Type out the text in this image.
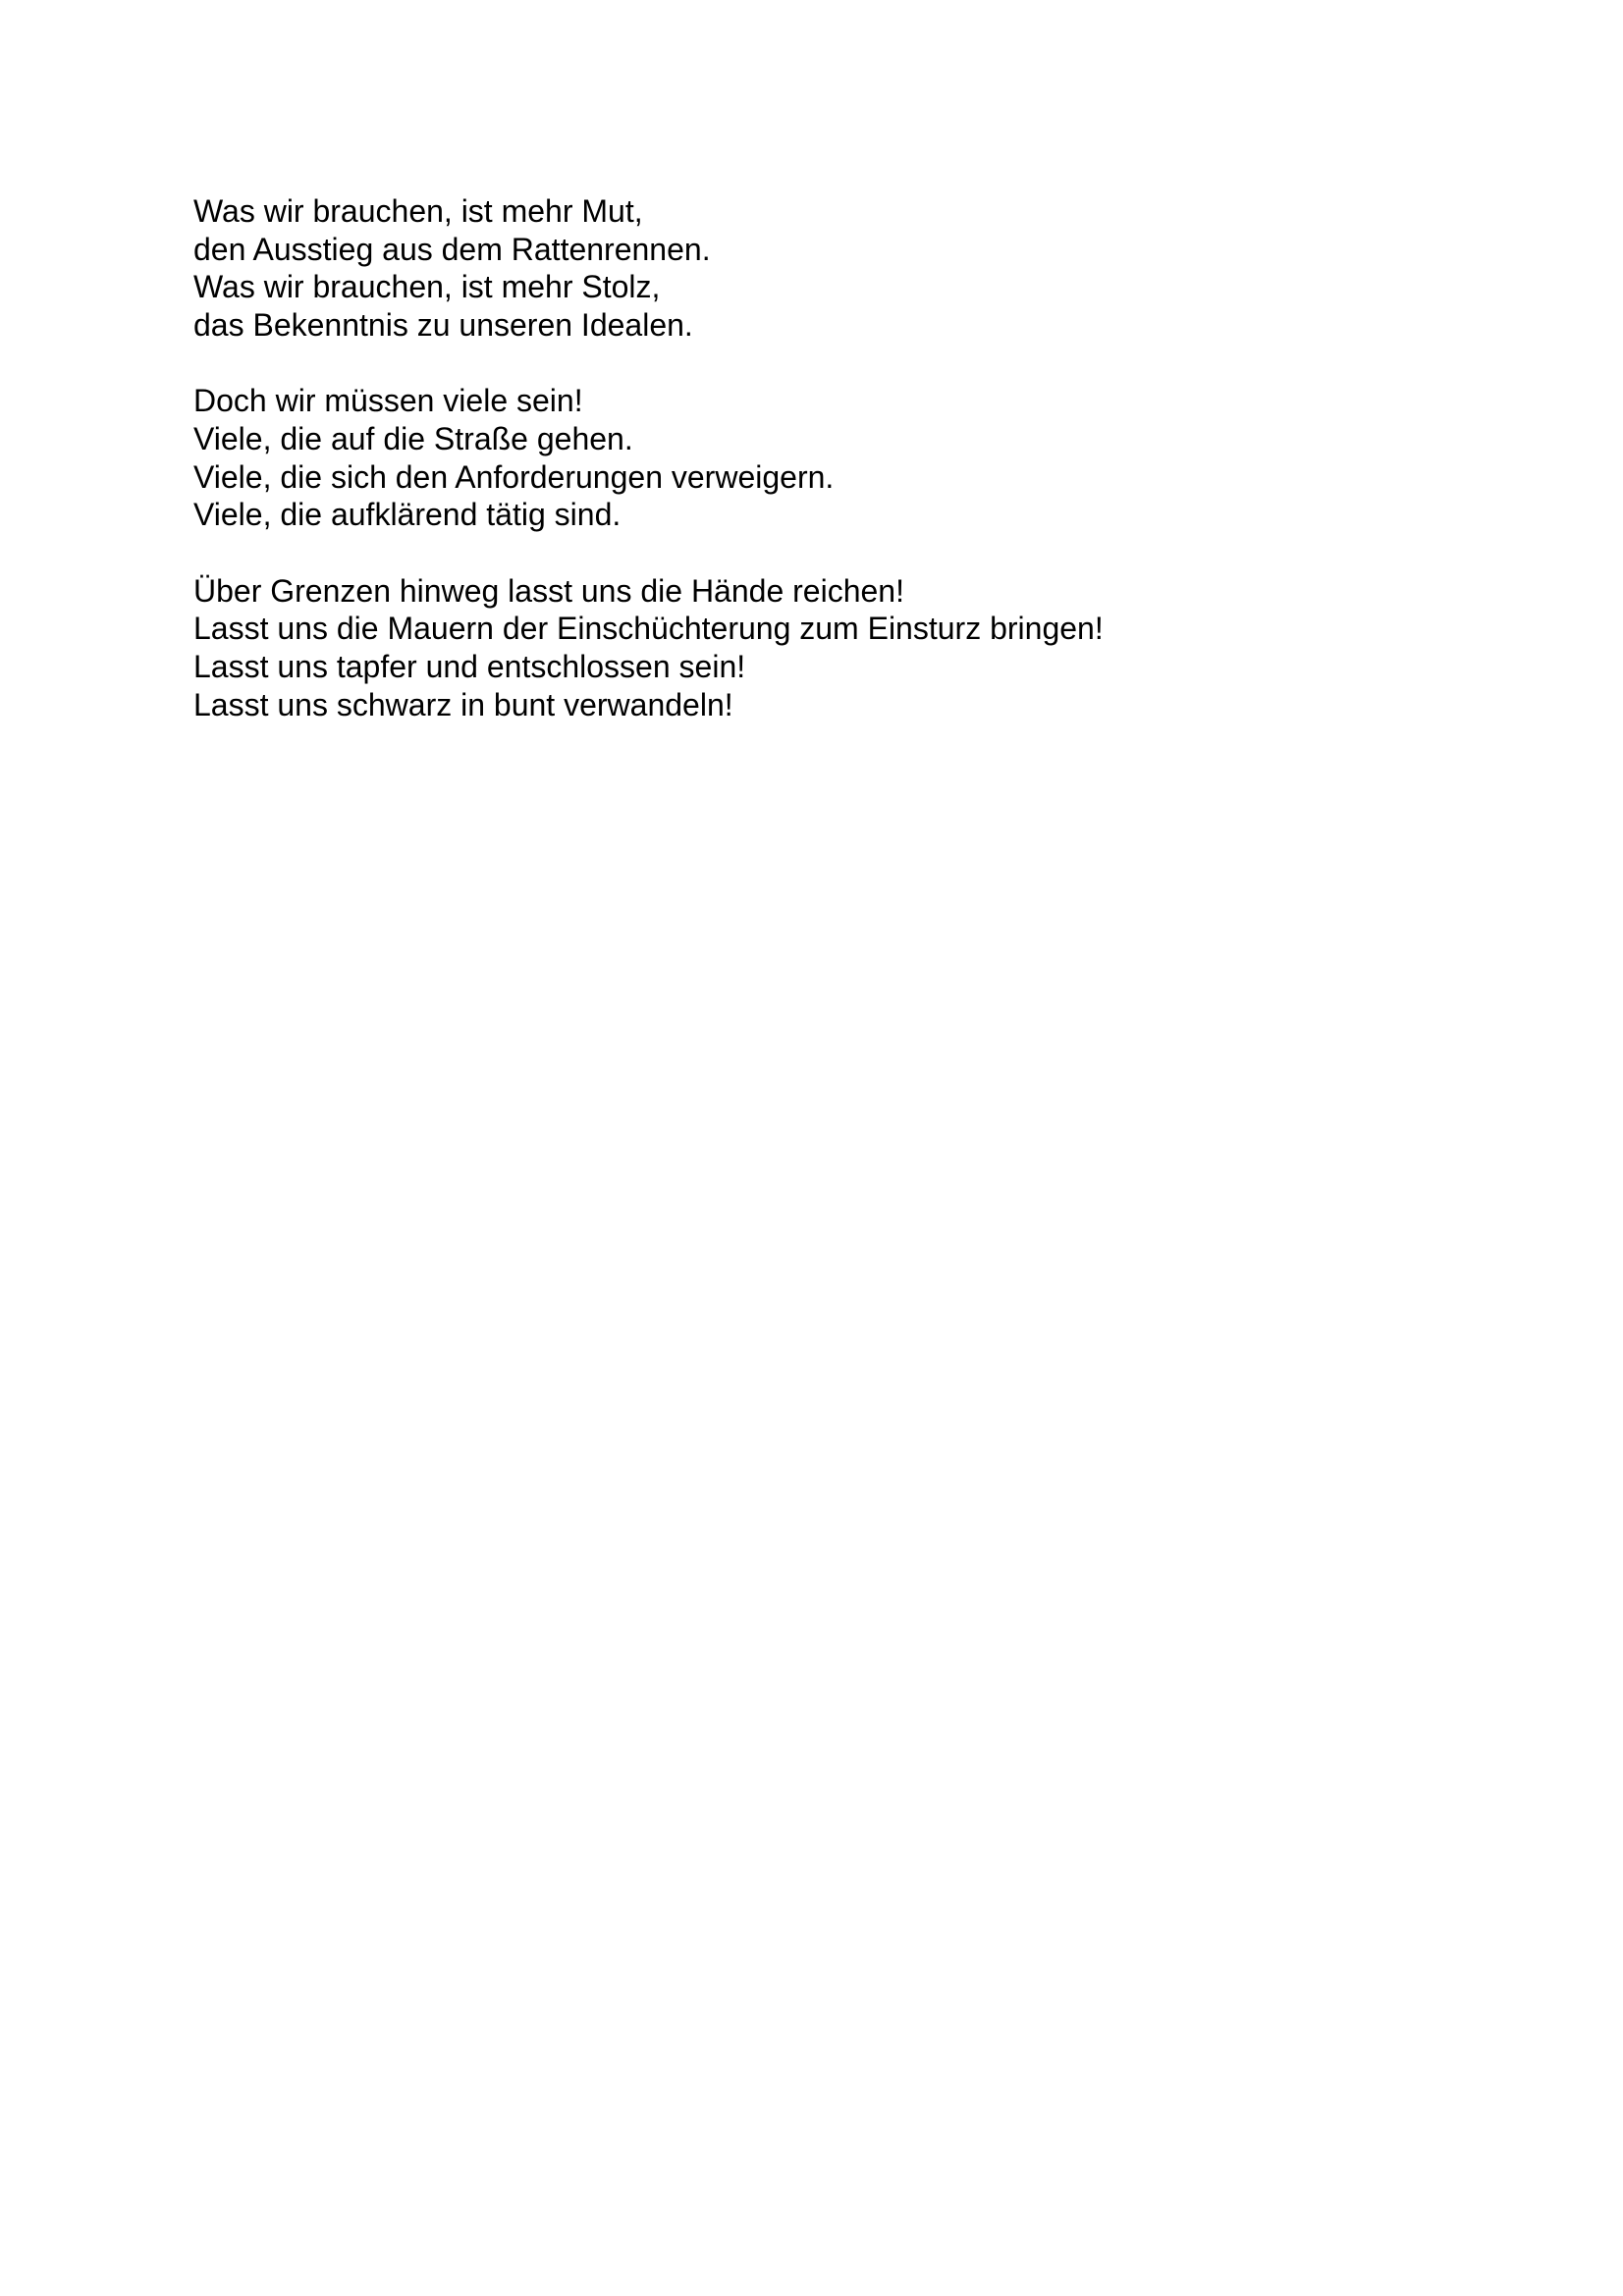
Was wir brauchen, ist mehr Mut,
den Ausstieg aus dem Rattenrennen.
Was wir brauchen, ist mehr Stolz,
das Bekenntnis zu unseren Idealen.

Doch wir müssen viele sein!
Viele, die auf die Straße gehen.
Viele, die sich den Anforderungen verweigern.
Viele, die aufklärend tätig sind.

Über Grenzen hinweg lasst uns die Hände reichen!
Lasst uns die Mauern der Einschüchterung zum Einsturz bringen!
Lasst uns tapfer und entschlossen sein!
Lasst uns schwarz in bunt verwandeln!
